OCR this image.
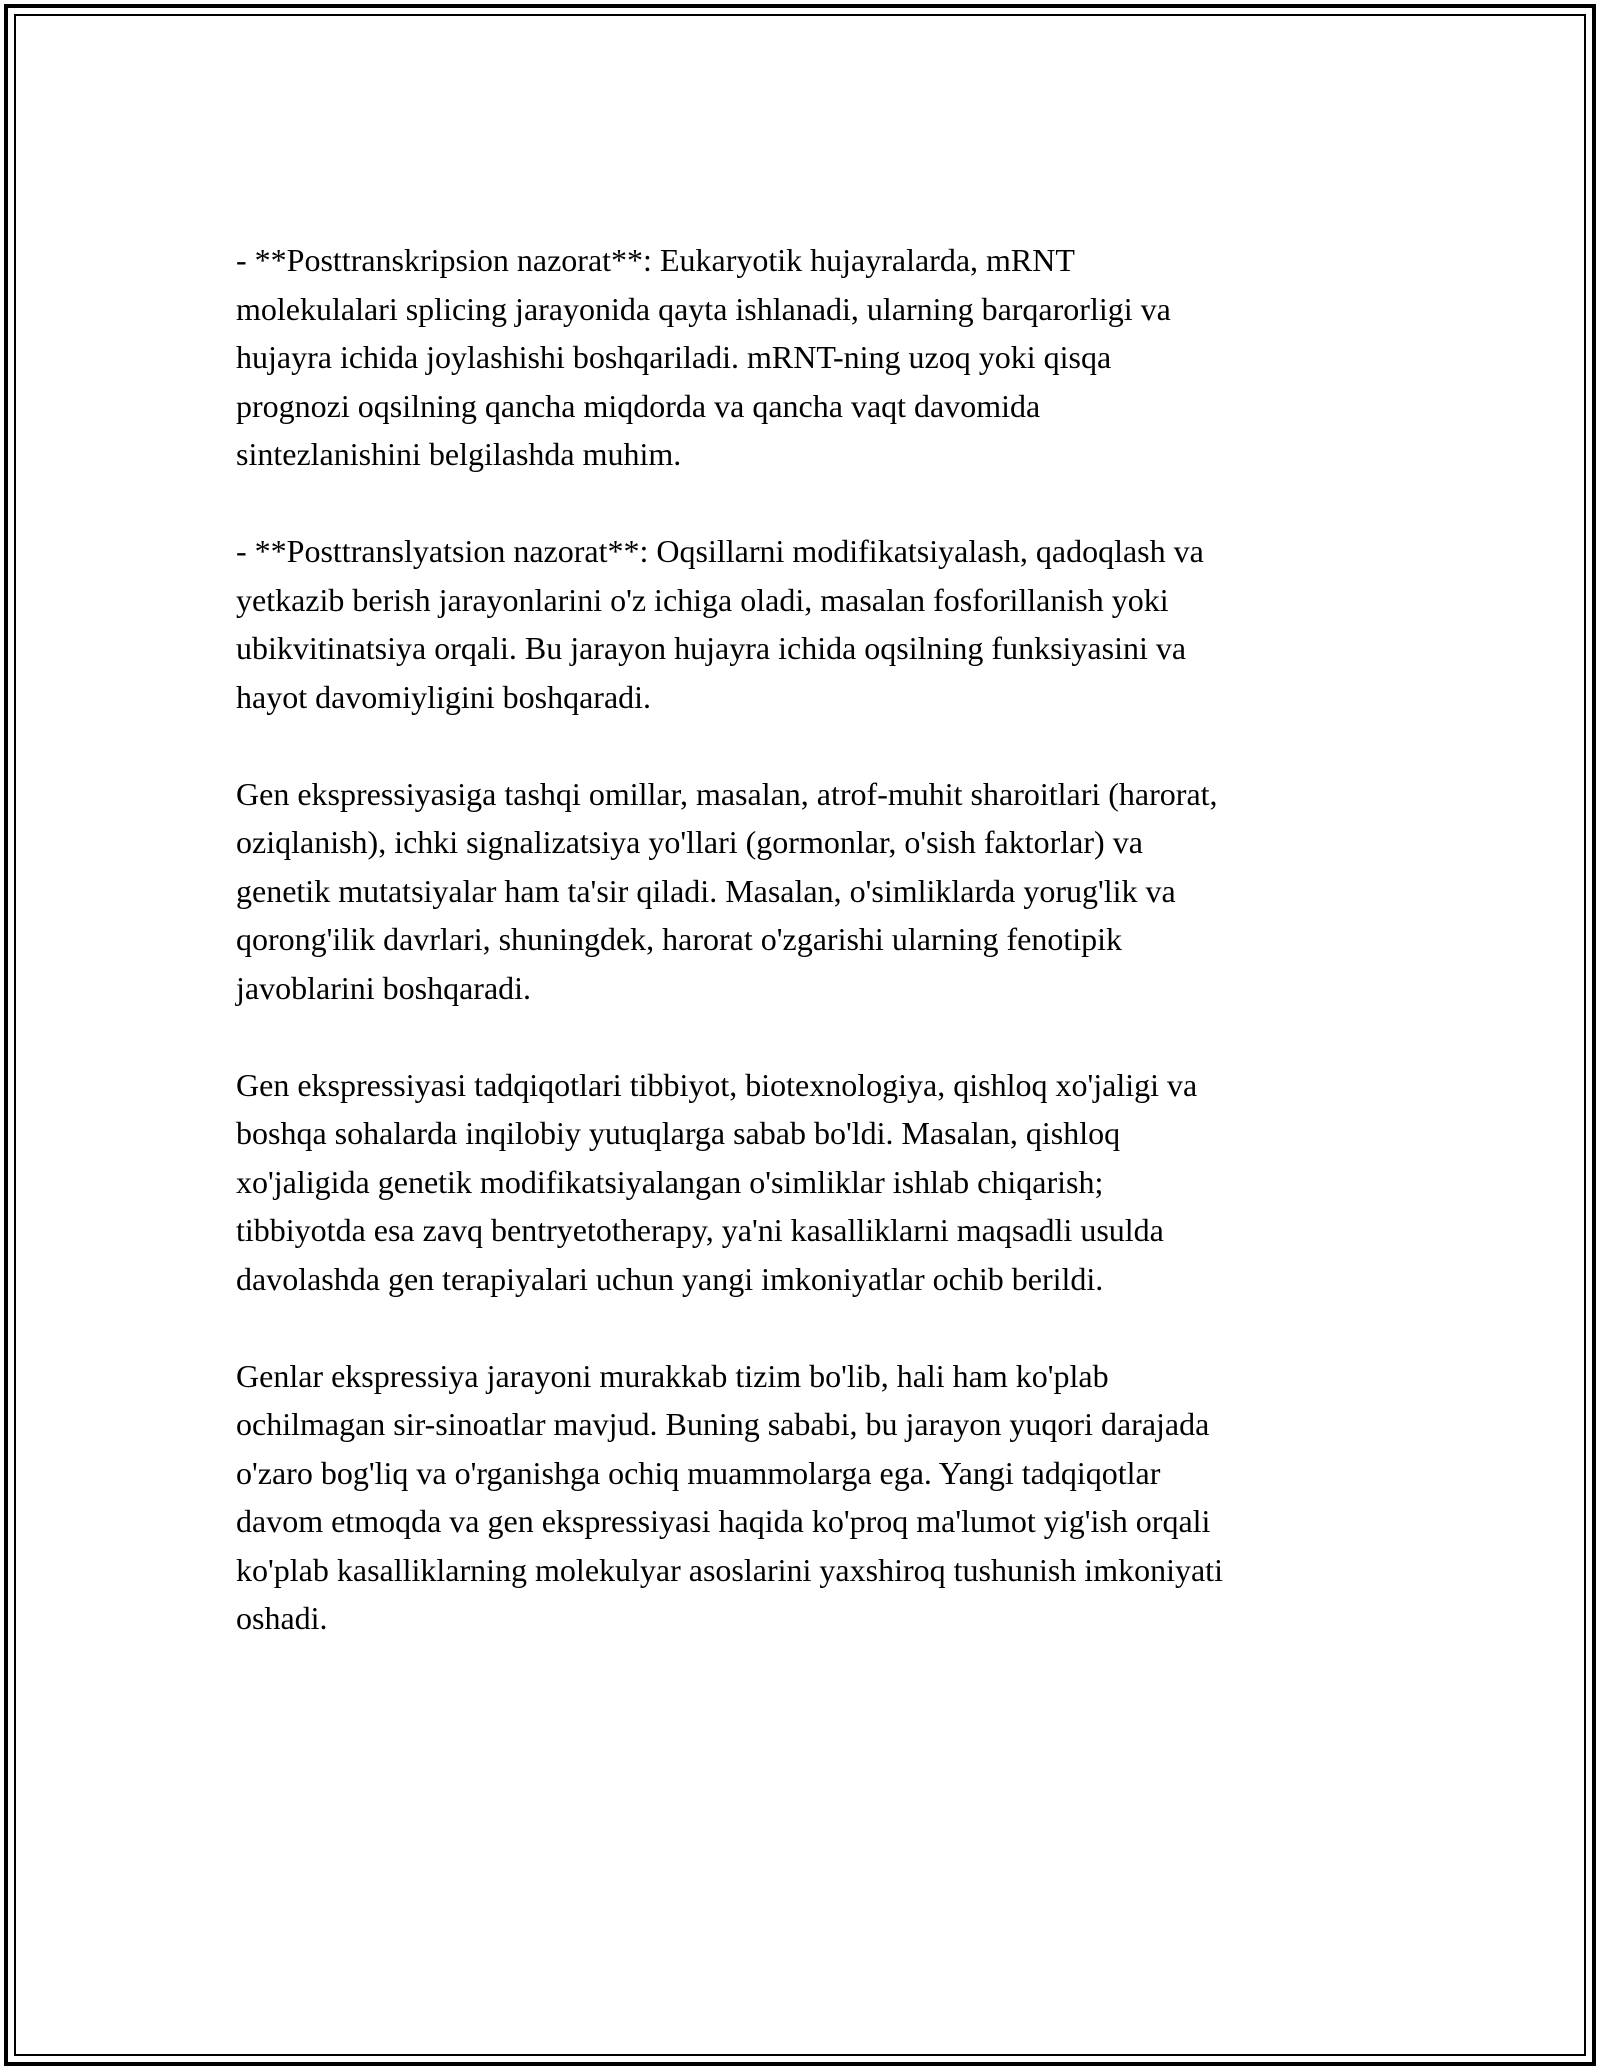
- **Posttranskripsion nazorat**: Eukaryotik hujayralarda, mRNT
molekulalari splicing jarayonida qayta ishlanadi, ularning barqarorligi va
hujayra ichida joylashishi boshqariladi. mRNT-ning uzoq yoki qisqa
prognozi oqsilning qancha miqdorda va qancha vaqt davomida
sintezlanishini belgilashda muhim.

- **Posttranslyatsion nazorat**: Oqsillarni modifikatsiyalash, qadoqlash va
yetkazib berish jarayonlarini o'z ichiga oladi, masalan fosforillanish yoki
ubikvitinatsiya orqali. Bu jarayon hujayra ichida oqsilning funksiyasini va
hayot davomiyligini boshqaradi.

Gen ekspressiyasiga tashqi omillar, masalan, atrof-muhit sharoitlari (harorat,
oziqlanish), ichki signalizatsiya yo'llari (gormonlar, o'sish faktorlar) va
genetik mutatsiyalar ham ta'sir qiladi. Masalan, o'simliklarda yorug'lik va
qorong'ilik davrlari, shuningdek, harorat o'zgarishi ularning fenotipik
javoblarini boshqaradi.

Gen ekspressiyasi tadqiqotlari tibbiyot, biotexnologiya, qishloq xo'jaligi va
boshqa sohalarda inqilobiy yutuqlarga sabab bo'ldi. Masalan, qishloq
xo'jaligida genetik modifikatsiyalangan o'simliklar ishlab chiqarish;
tibbiyotda esa zavq bentryetotherapy, ya'ni kasalliklarni maqsadli usulda
davolashda gen terapiyalari uchun yangi imkoniyatlar ochib berildi.

Genlar ekspressiya jarayoni murakkab tizim bo'lib, hali ham ko'plab
ochilmagan sir-sinoatlar mavjud. Buning sababi, bu jarayon yuqori darajada
o'zaro bog'liq va o'rganishga ochiq muammolarga ega. Yangi tadqiqotlar
davom etmoqda va gen ekspressiyasi haqida ko'proq ma'lumot yig'ish orqali
ko'plab kasalliklarning molekulyar asoslarini yaxshiroq tushunish imkoniyati
oshadi.
